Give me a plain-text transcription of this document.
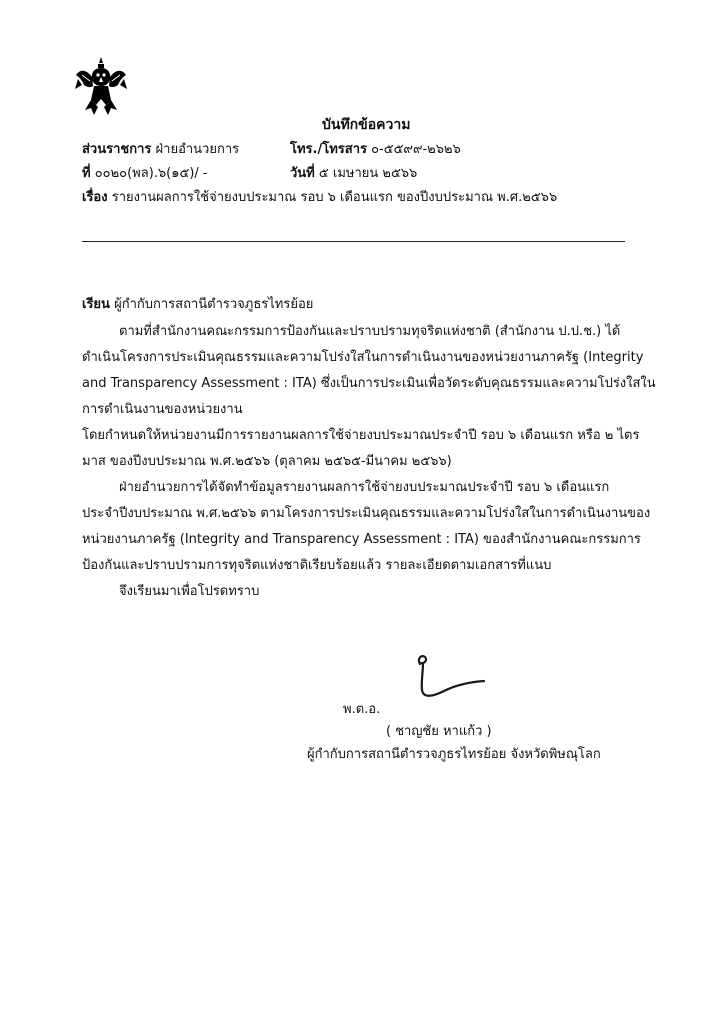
บันทึกข้อความ
ส่วนราชการ ฝ่ายอำนวยการ	โทร./โทรสาร ๐-๕๕๙๙-๒๖๒๖
ที่ ๐๐๒๐(พล).๖(๑๕)/ -	วันที่ ๕ เมษายน ๒๕๖๖
เรื่อง รายงานผลการใช้จ่ายงบประมาณ รอบ ๖ เดือนแรก ของปีงบประมาณ พ.ศ.๒๕๖๖
เรียน ผู้กำกับการสถานีตำรวจภูธรไทรย้อย
ตามที่สำนักงานคณะกรรมการป้องกันและปราบปรามทุจริตแห่งชาติ (สำนักงาน ป.ป.ช.) ได้
ดำเนินโครงการประเมินคุณธรรมและความโปร่งใสในการดำเนินงานของหน่วยงานภาครัฐ (Integrity
and Transparency Assessment : ITA) ซึ่งเป็นการประเมินเพื่อวัดระดับคุณธรรมและความโปร่งใสใน
การดำเนินงานของหน่วยงาน
โดยกำหนดให้หน่วยงานมีการรายงานผลการใช้จ่ายงบประมาณประจำปี รอบ ๖ เดือนแรก หรือ ๒ ไตร
มาส ของปีงบประมาณ พ.ศ.๒๕๖๖ (ตุลาคม ๒๕๖๕-มีนาคม ๒๕๖๖)
ฝ่ายอำนวยการได้จัดทำข้อมูลรายงานผลการใช้จ่ายงบประมาณประจำปี รอบ ๖ เดือนแรก
ประจำปีงบประมาณ พ.ศ.๒๕๖๖ ตามโครงการประเมินคุณธรรมและความโปร่งใสในการดำเนินงานของ
หน่วยงานภาครัฐ (Integrity and Transparency Assessment : ITA) ของสำนักงานคณะกรรมการ
ป้องกันและปราบปรามการทุจริตแห่งชาติเรียบร้อยแล้ว รายละเอียดตามเอกสารที่แนบ
จึงเรียนมาเพื่อโปรดทราบ
พ.ต.อ.
( ชาญชัย หาแก้ว )
ผู้กำกับการสถานีตำรวจภูธรไทรย้อย จังหวัดพิษณุโลก
